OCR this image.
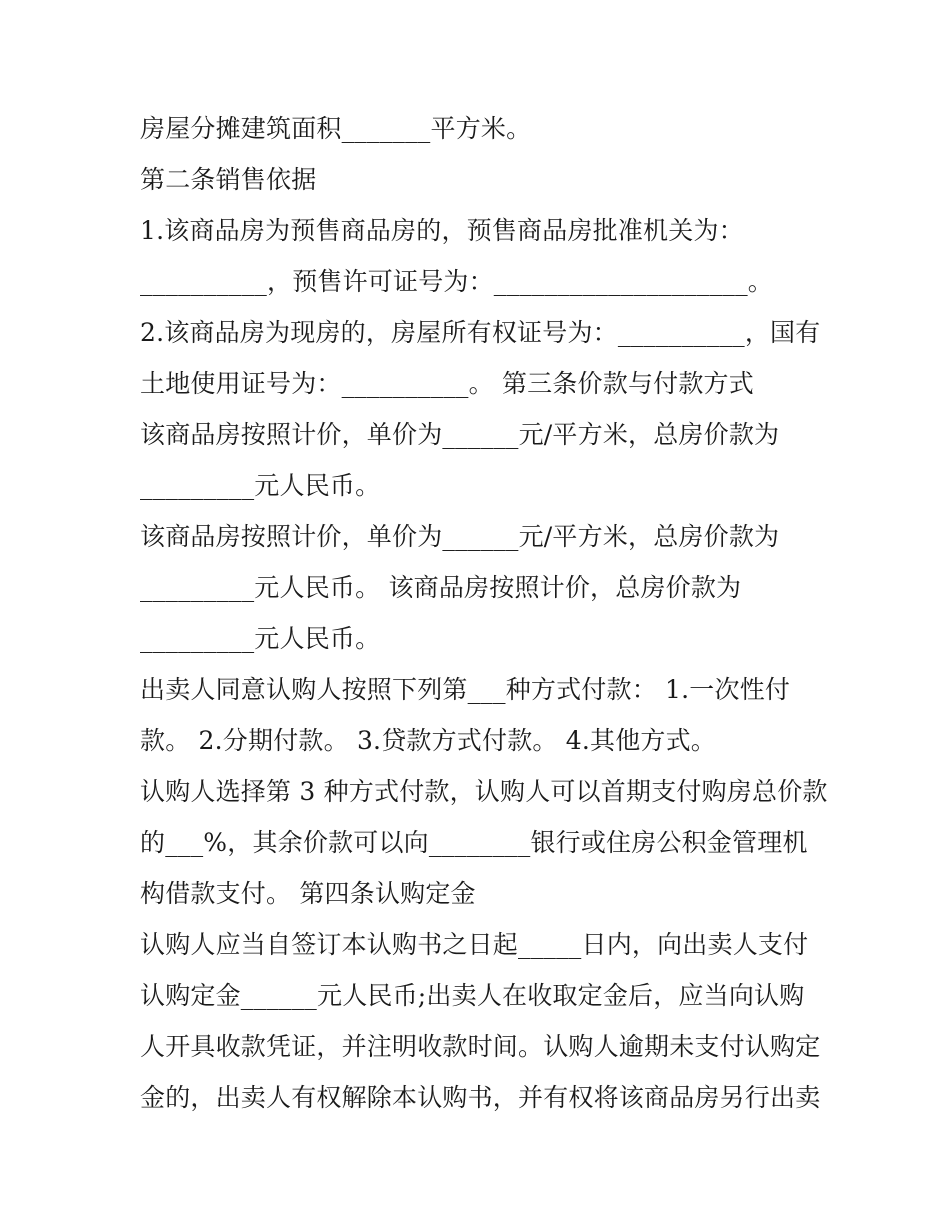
房屋分摊建筑面积_______平方米。
第二条销售依据
1.该商品房为预售商品房的，预售商品房批准机关为：
__________，预售许可证号为：____________________。
2.该商品房为现房的，房屋所有权证号为：__________，国有
土地使用证号为：__________。 第三条价款与付款方式
该商品房按照计价，单价为______元/平方米，总房价款为
_________元人民币。
该商品房按照计价，单价为______元/平方米，总房价款为
_________元人民币。 该商品房按照计价，总房价款为
_________元人民币。
出卖人同意认购人按照下列第___种方式付款： 1.一次性付
款。 2.分期付款。 3.贷款方式付款。 4.其他方式。
认购人选择第 3 种方式付款，认购人可以首期支付购房总价款
的___%，其余价款可以向________银行或住房公积金管理机
构借款支付。 第四条认购定金
认购人应当自签订本认购书之日起_____日内，向出卖人支付
认购定金______元人民币;出卖人在收取定金后，应当向认购
人开具收款凭证，并注明收款时间。认购人逾期未支付认购定
金的，出卖人有权解除本认购书，并有权将该商品房另行出卖
